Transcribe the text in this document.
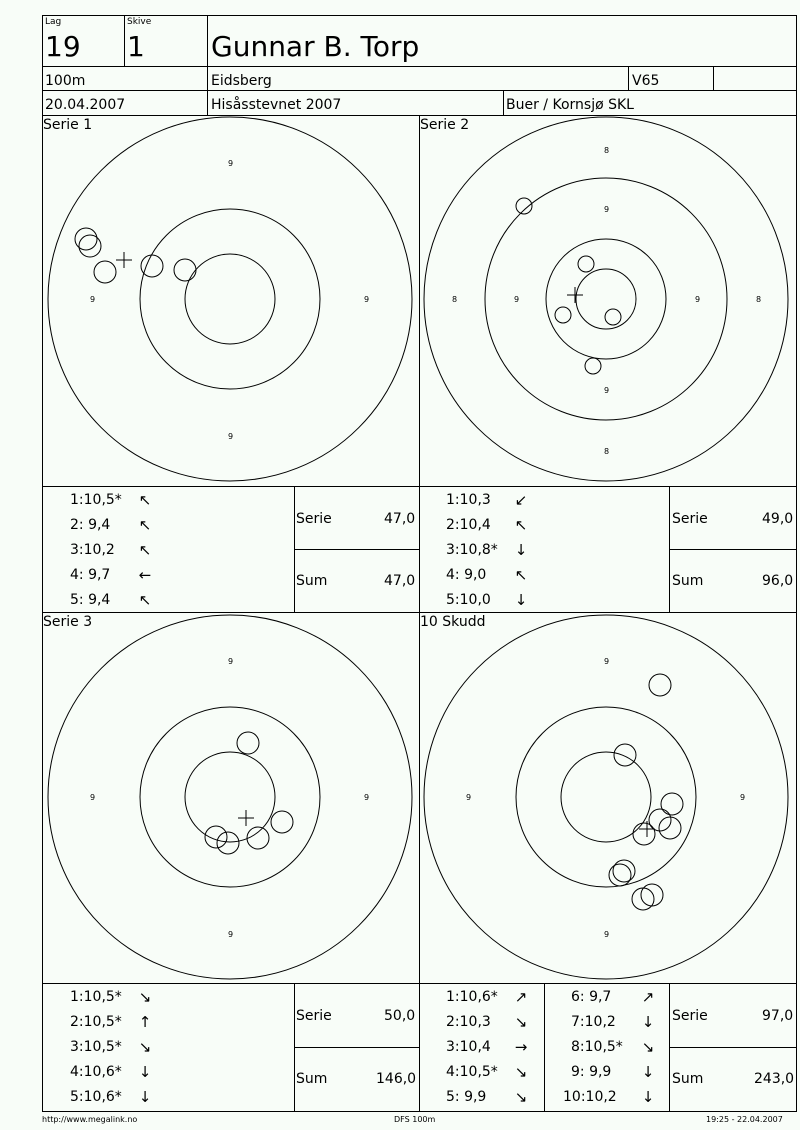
Lag	Skive
19 1 Gunnar B. Torp
100m	Eidsberg	V65
20.04.2007	Hisåsstevnet 2007	Buer / Kornsjø SKL
Serie 1	Serie 2
Serie 3	10 Skudd
9
9
9	9
8
8
8	8
9
9
9	9
9
9
9	9
9
9
9	9
1:10,5* ↖
2: 9,4 ↖
3:10,2 ↖
4: 9,7 ←
5: 9,4 ↖
Serie	47,0
Sum	47,0
1:10,3 ↙
2:10,4 ↖
3:10,8* ↓
4: 9,0 ↖
5:10,0 ↓
Serie	49,0
Sum	96,0
1:10,5* ↘
2:10,5* ↑
3:10,5* ↘
4:10,6* ↓
5:10,6* ↓
Serie	50,0
Sum	146,0
1:10,6* ↗
2:10,3 ↘
3:10,4 →
4:10,5* ↘
5: 9,9 ↘
6: 9,7 ↗
7:10,2 ↓
8:10,5* ↘
9: 9,9 ↓
10:10,2 ↓
Serie	97,0
Sum	243,0
http://www.megalink.no	DFS 100m	19:25 - 22.04.2007
